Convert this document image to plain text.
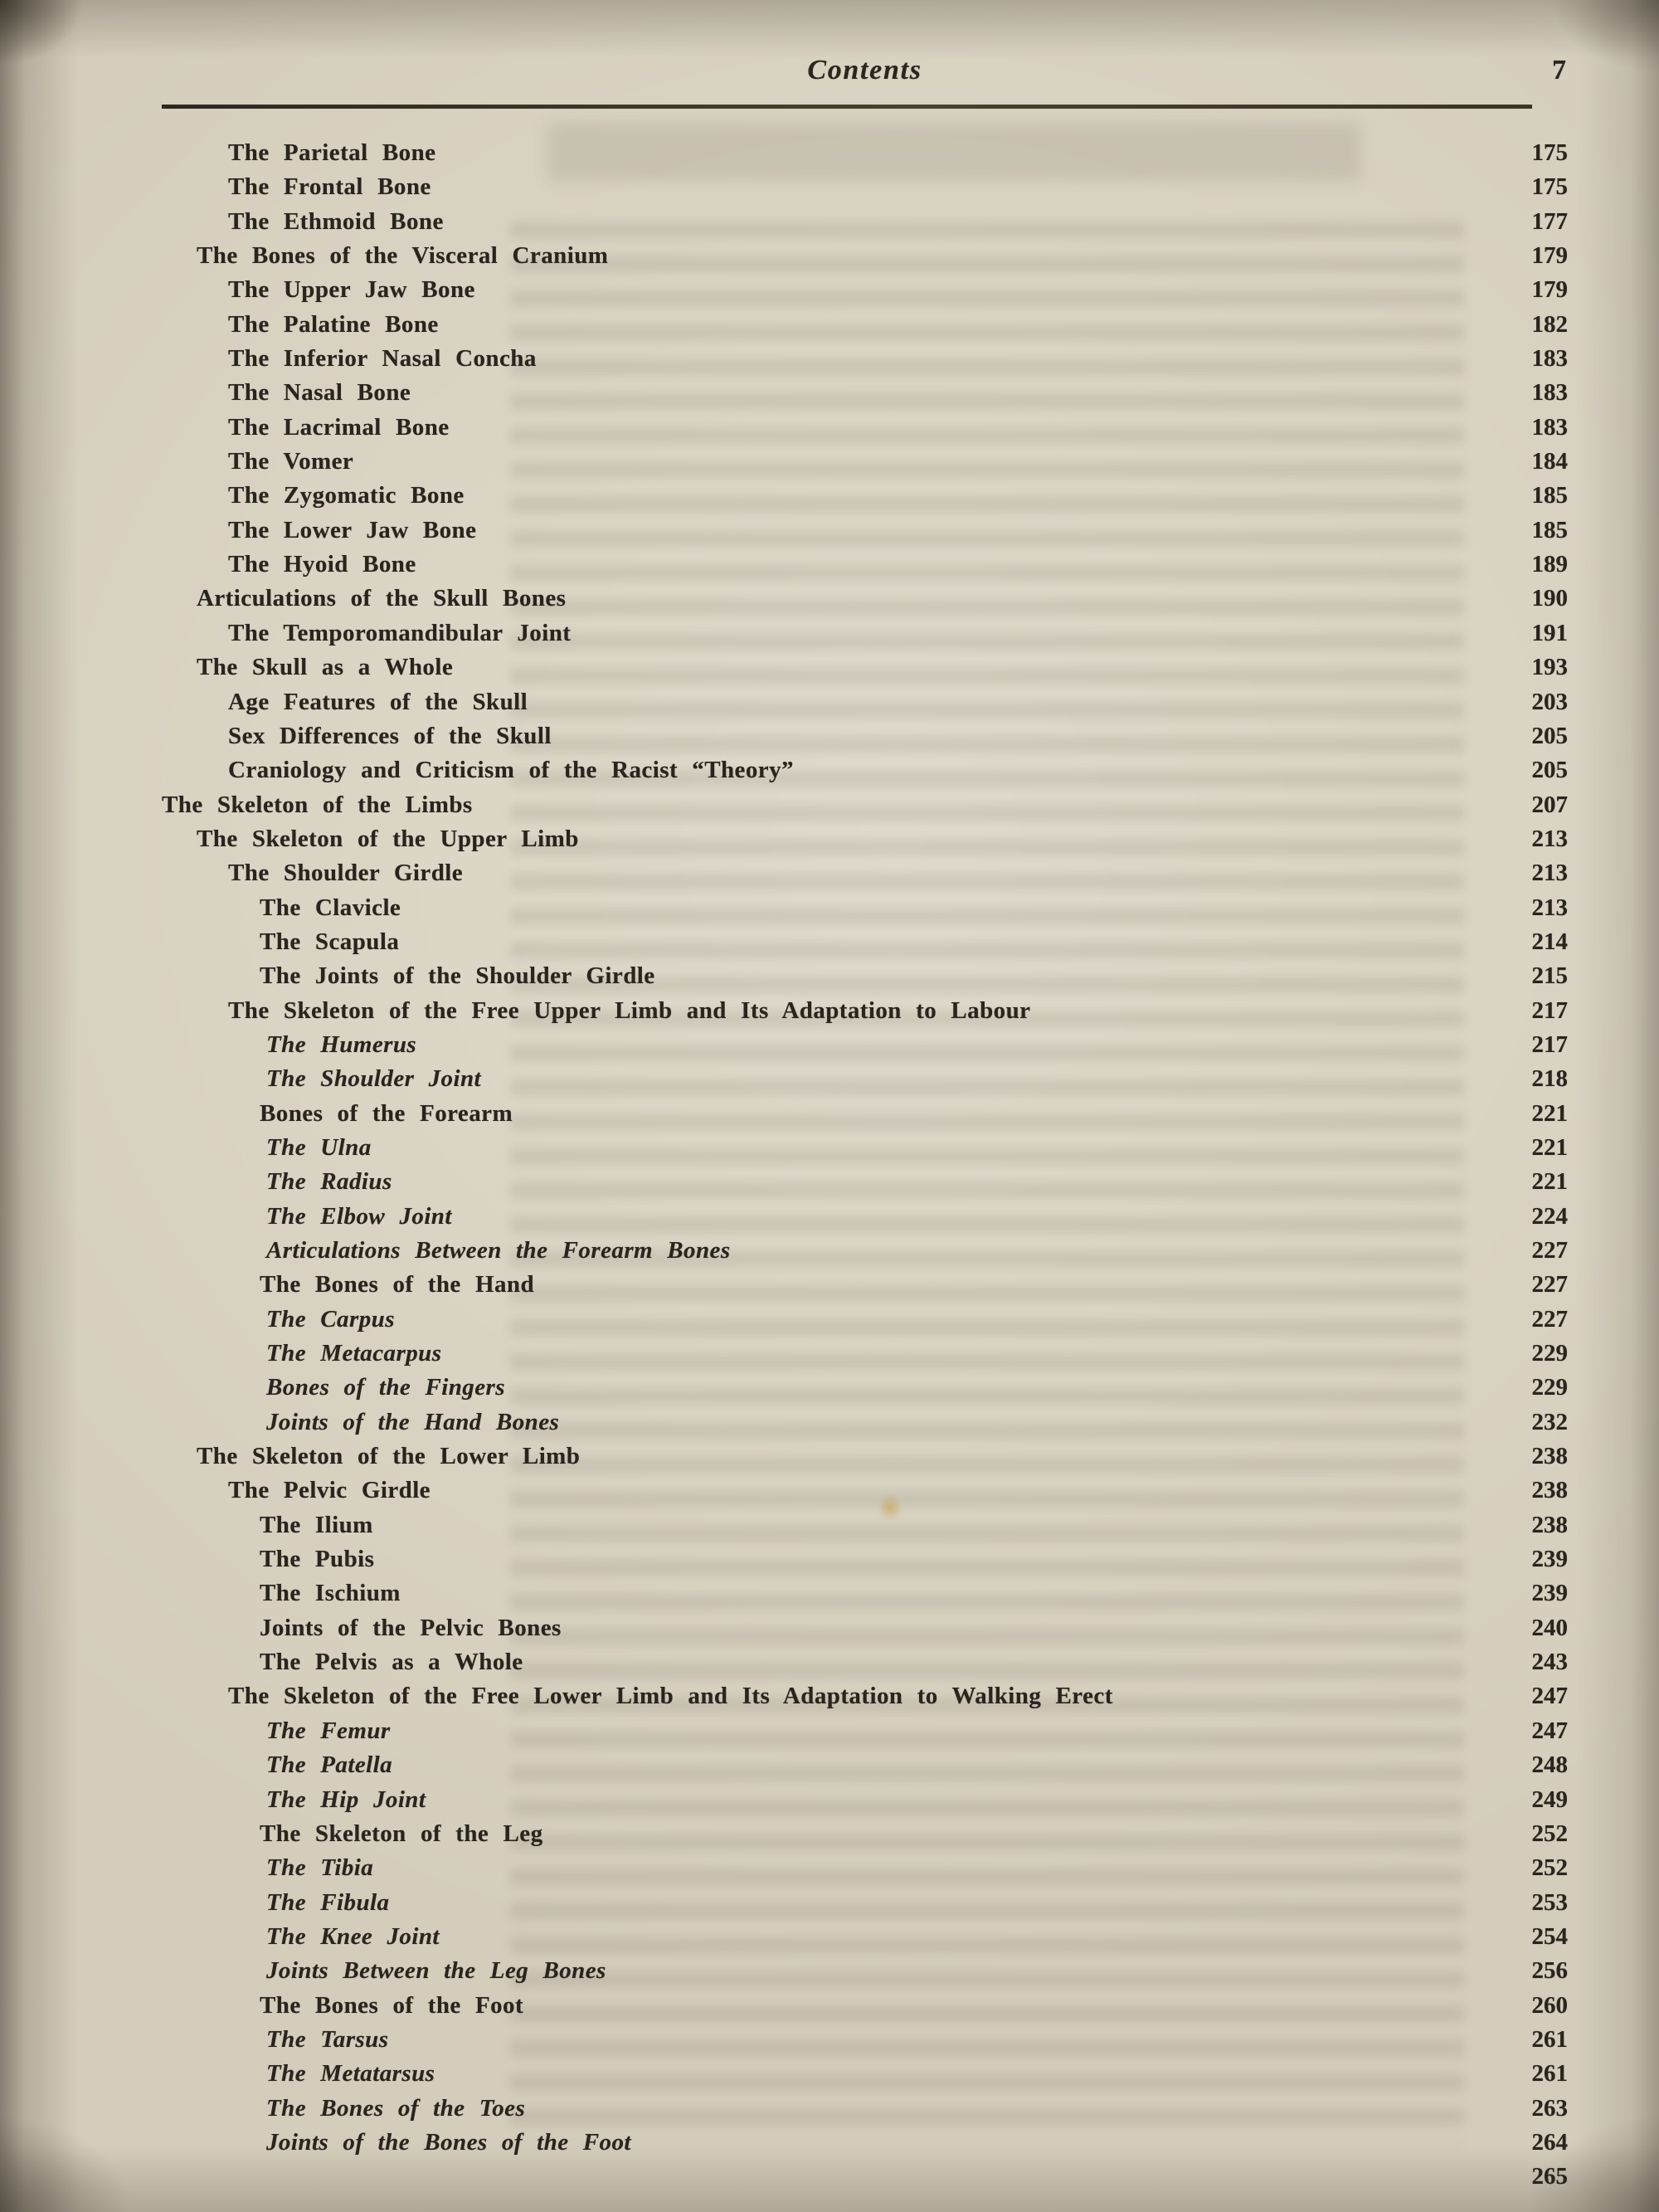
Contents	7
The Parietal Bone	175
The Frontal Bone	175
The Ethmoid Bone	177
The Bones of the Visceral Cranium	179
The Upper Jaw Bone	179
The Palatine Bone	182
The Inferior Nasal Concha	183
The Nasal Bone	183
The Lacrimal Bone	183
The Vomer	184
The Zygomatic Bone	185
The Lower Jaw Bone	185
The Hyoid Bone	189
Articulations of the Skull Bones	190
The Temporomandibular Joint	191
The Skull as a Whole	193
Age Features of the Skull	203
Sex Differences of the Skull	205
Craniology and Criticism of the Racist “Theory”	205
The Skeleton of the Limbs	207
The Skeleton of the Upper Limb	213
The Shoulder Girdle	213
The Clavicle	213
The Scapula	214
The Joints of the Shoulder Girdle	215
The Skeleton of the Free Upper Limb and Its Adaptation to Labour	217
The Humerus	217
The Shoulder Joint	218
Bones of the Forearm	221
The Ulna	221
The Radius	221
The Elbow Joint	224
Articulations Between the Forearm Bones	227
The Bones of the Hand	227
The Carpus	227
The Metacarpus	229
Bones of the Fingers	229
Joints of the Hand Bones	232
The Skeleton of the Lower Limb	238
The Pelvic Girdle	238
The Ilium	238
The Pubis	239
The Ischium	239
Joints of the Pelvic Bones	240
The Pelvis as a Whole	243
The Skeleton of the Free Lower Limb and Its Adaptation to Walking Erect	247
The Femur	247
The Patella	248
The Hip Joint	249
The Skeleton of the Leg	252
The Tibia	252
The Fibula	253
The Knee Joint	254
Joints Between the Leg Bones	256
The Bones of the Foot	260
The Tarsus	261
The Metatarsus	261
The Bones of the Toes	263
Joints of the Bones of the Foot	264
265
